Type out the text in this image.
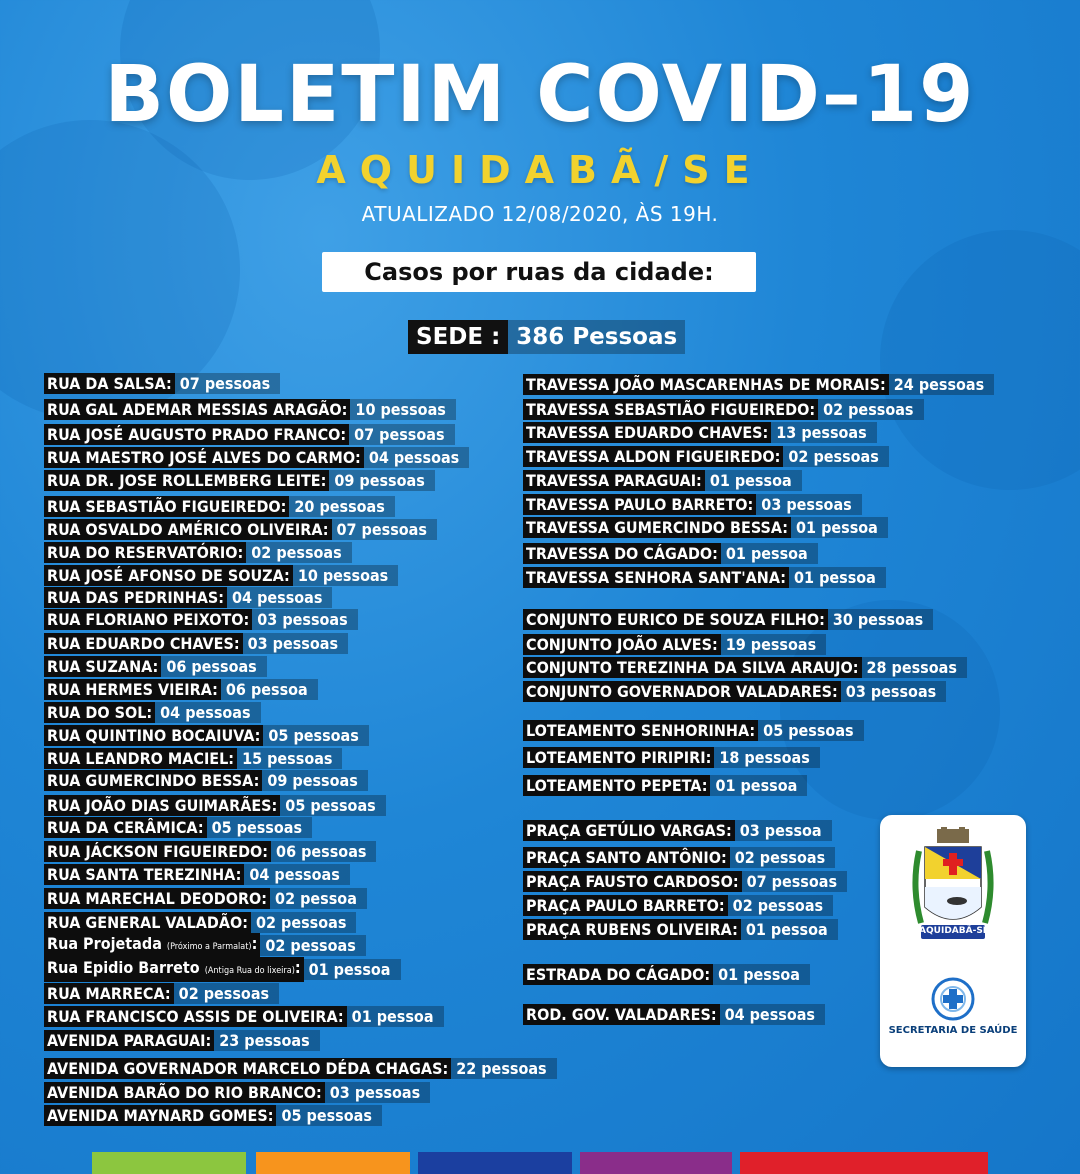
BOLETIM COVID–19
AQUIDABÃ/SE
ATUALIZADO 12/08/2020, ÀS 19H.
Casos por ruas da cidade:
SEDE : 386 Pessoas
RUA DA SALSA: 07 pessoas
RUA GAL ADEMAR MESSIAS ARAGÃO: 10 pessoas
RUA JOSÉ AUGUSTO PRADO FRANCO: 07 pessoas
RUA MAESTRO JOSÉ ALVES DO CARMO: 04 pessoas
RUA DR. JOSE ROLLEMBERG LEITE: 09 pessoas
RUA SEBASTIÃO FIGUEIREDO: 20 pessoas
RUA OSVALDO AMÉRICO OLIVEIRA: 07 pessoas
RUA DO RESERVATÓRIO: 02 pessoas
RUA JOSÉ AFONSO DE SOUZA: 10 pessoas
RUA DAS PEDRINHAS: 04 pessoas
RUA FLORIANO PEIXOTO: 03 pessoas
RUA EDUARDO CHAVES: 03 pessoas
RUA SUZANA: 06 pessoas
RUA HERMES VIEIRA: 06 pessoa
RUA DO SOL: 04 pessoas
RUA QUINTINO BOCAIUVA: 05 pessoas
RUA LEANDRO MACIEL: 15 pessoas
RUA GUMERCINDO BESSA: 09 pessoas
RUA JOÃO DIAS GUIMARÃES: 05 pessoas
RUA DA CERÂMICA: 05 pessoas
RUA JÁCKSON FIGUEIREDO: 06 pessoas
RUA SANTA TEREZINHA: 04 pessoas
RUA MARECHAL DEODORO: 02 pessoa
RUA GENERAL VALADÃO: 02 pessoas
Rua Projetada (Próximo a Parmalat): 02 pessoas
Rua Epidio Barreto (Antiga Rua do lixeira): 01 pessoa
RUA MARRECA: 02 pessoas
RUA FRANCISCO ASSIS DE OLIVEIRA: 01 pessoa
AVENIDA PARAGUAI: 23 pessoas
AVENIDA GOVERNADOR MARCELO DÉDA CHAGAS: 22 pessoas
AVENIDA BARÃO DO RIO BRANCO: 03 pessoas
AVENIDA MAYNARD GOMES: 05 pessoas
TRAVESSA JOÃO MASCARENHAS DE MORAIS: 24 pessoas
TRAVESSA SEBASTIÃO FIGUEIREDO: 02 pessoas
TRAVESSA EDUARDO CHAVES: 13 pessoas
TRAVESSA ALDON FIGUEIREDO: 02 pessoas
TRAVESSA PARAGUAI: 01 pessoa
TRAVESSA PAULO BARRETO: 03 pessoas
TRAVESSA GUMERCINDO BESSA: 01 pessoa
TRAVESSA DO CÁGADO: 01 pessoa
TRAVESSA SENHORA SANT'ANA: 01 pessoa
CONJUNTO EURICO DE SOUZA FILHO: 30 pessoas
CONJUNTO JOÃO ALVES: 19 pessoas
CONJUNTO TEREZINHA DA SILVA ARAUJO: 28 pessoas
CONJUNTO GOVERNADOR VALADARES: 03 pessoas
LOTEAMENTO SENHORINHA: 05 pessoas
LOTEAMENTO PIRIPIRI: 18 pessoas
LOTEAMENTO PEPETA: 01 pessoa
PRAÇA GETÚLIO VARGAS: 03 pessoa
PRAÇA SANTO ANTÔNIO: 02 pessoas
PRAÇA FAUSTO CARDOSO: 07 pessoas
PRAÇA PAULO BARRETO: 02 pessoas
PRAÇA RUBENS OLIVEIRA: 01 pessoa
ESTRADA DO CÁGADO: 01 pessoa
ROD. GOV. VALADARES: 04 pessoas
AQUIDABÃ-SE
SECRETARIA DE SAÚDE
